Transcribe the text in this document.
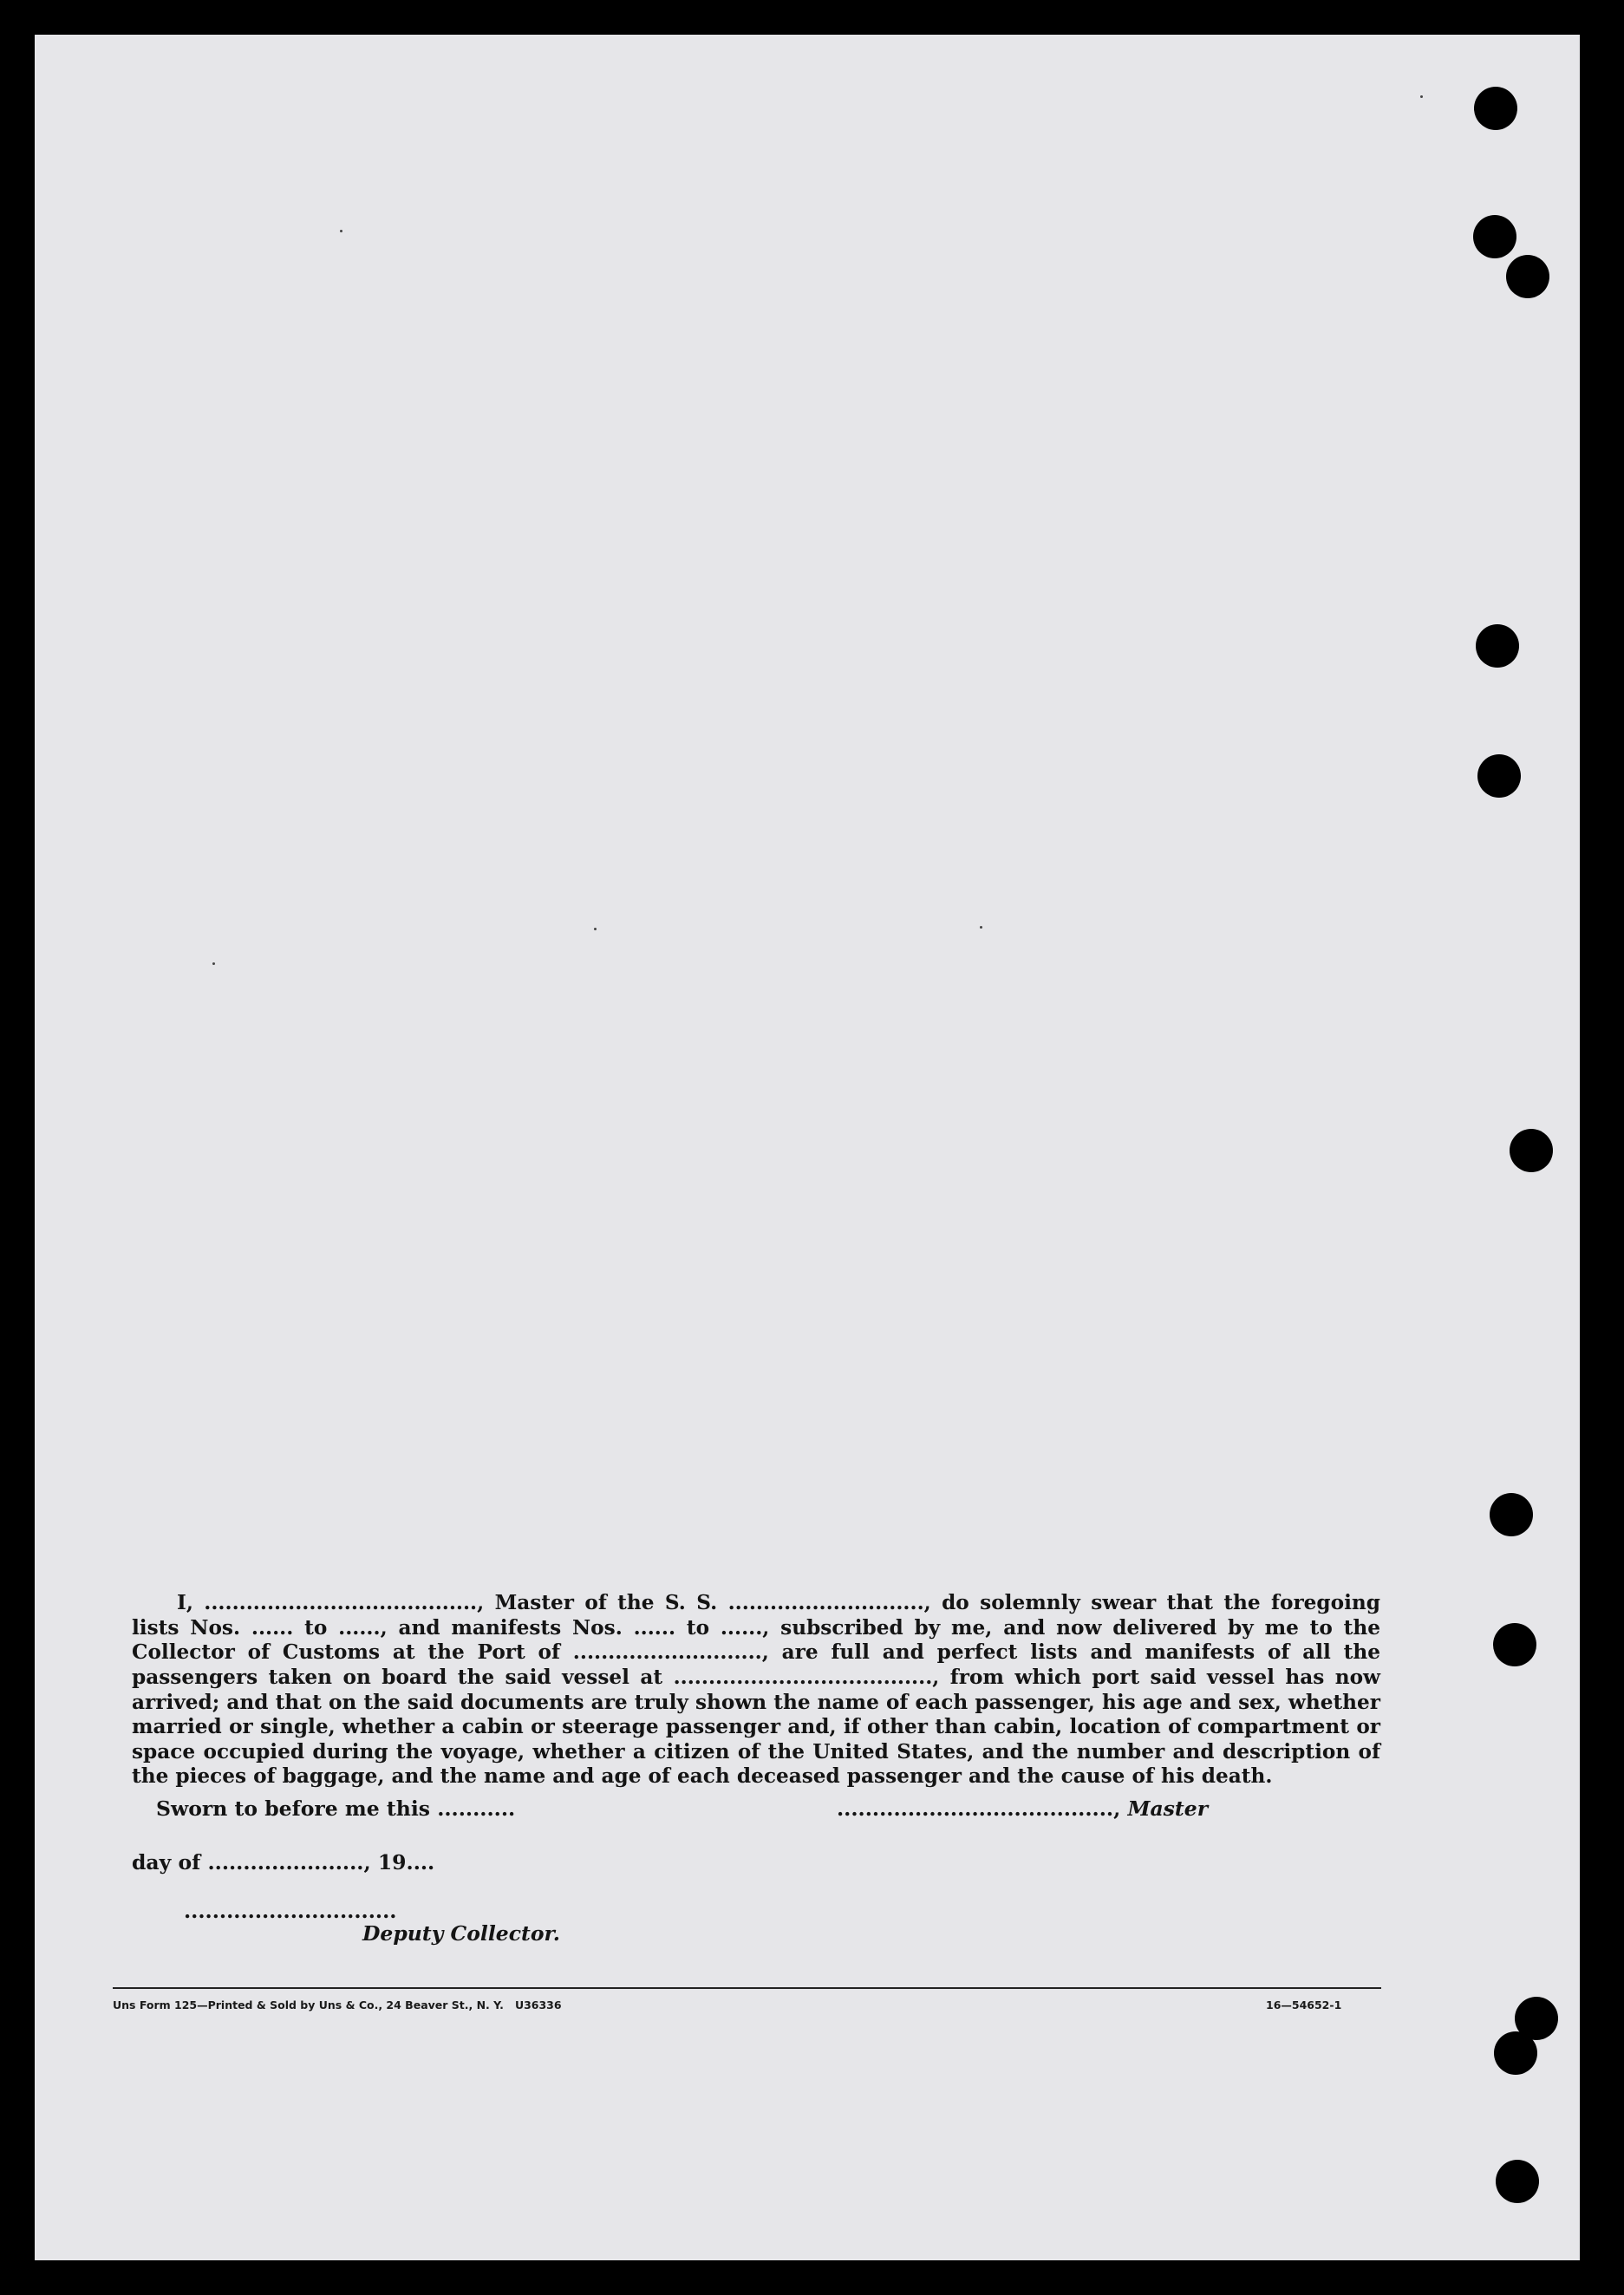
I, ......................................., Master of the S. S. ............................, do solemnly swear that the foregoing lists Nos. ...... to ......, and manifests Nos. ...... to ......, subscribed by me, and now delivered by me to the Collector of Customs at the Port of ..........................., are full and perfect lists and manifests of all the passengers taken on board the said vessel at ....................................., from which port said vessel has now arrived; and that on the said documents are truly shown the name of each passenger, his age and sex, whether married or single, whether a cabin or steerage passenger and, if other than cabin, location of compartment or space occupied during the voyage, whether a citizen of the United States, and the number and description of the pieces of baggage, and the name and age of each deceased passenger and the cause of his death.

Sworn to before me this ...........	......................................., Master
day of ......................, 19....
..............................
Deputy Collector.
Uns Form 125—Printed & Sold by Uns & Co., 24 Beaver St., N. Y.   U36336	16—54652-1
